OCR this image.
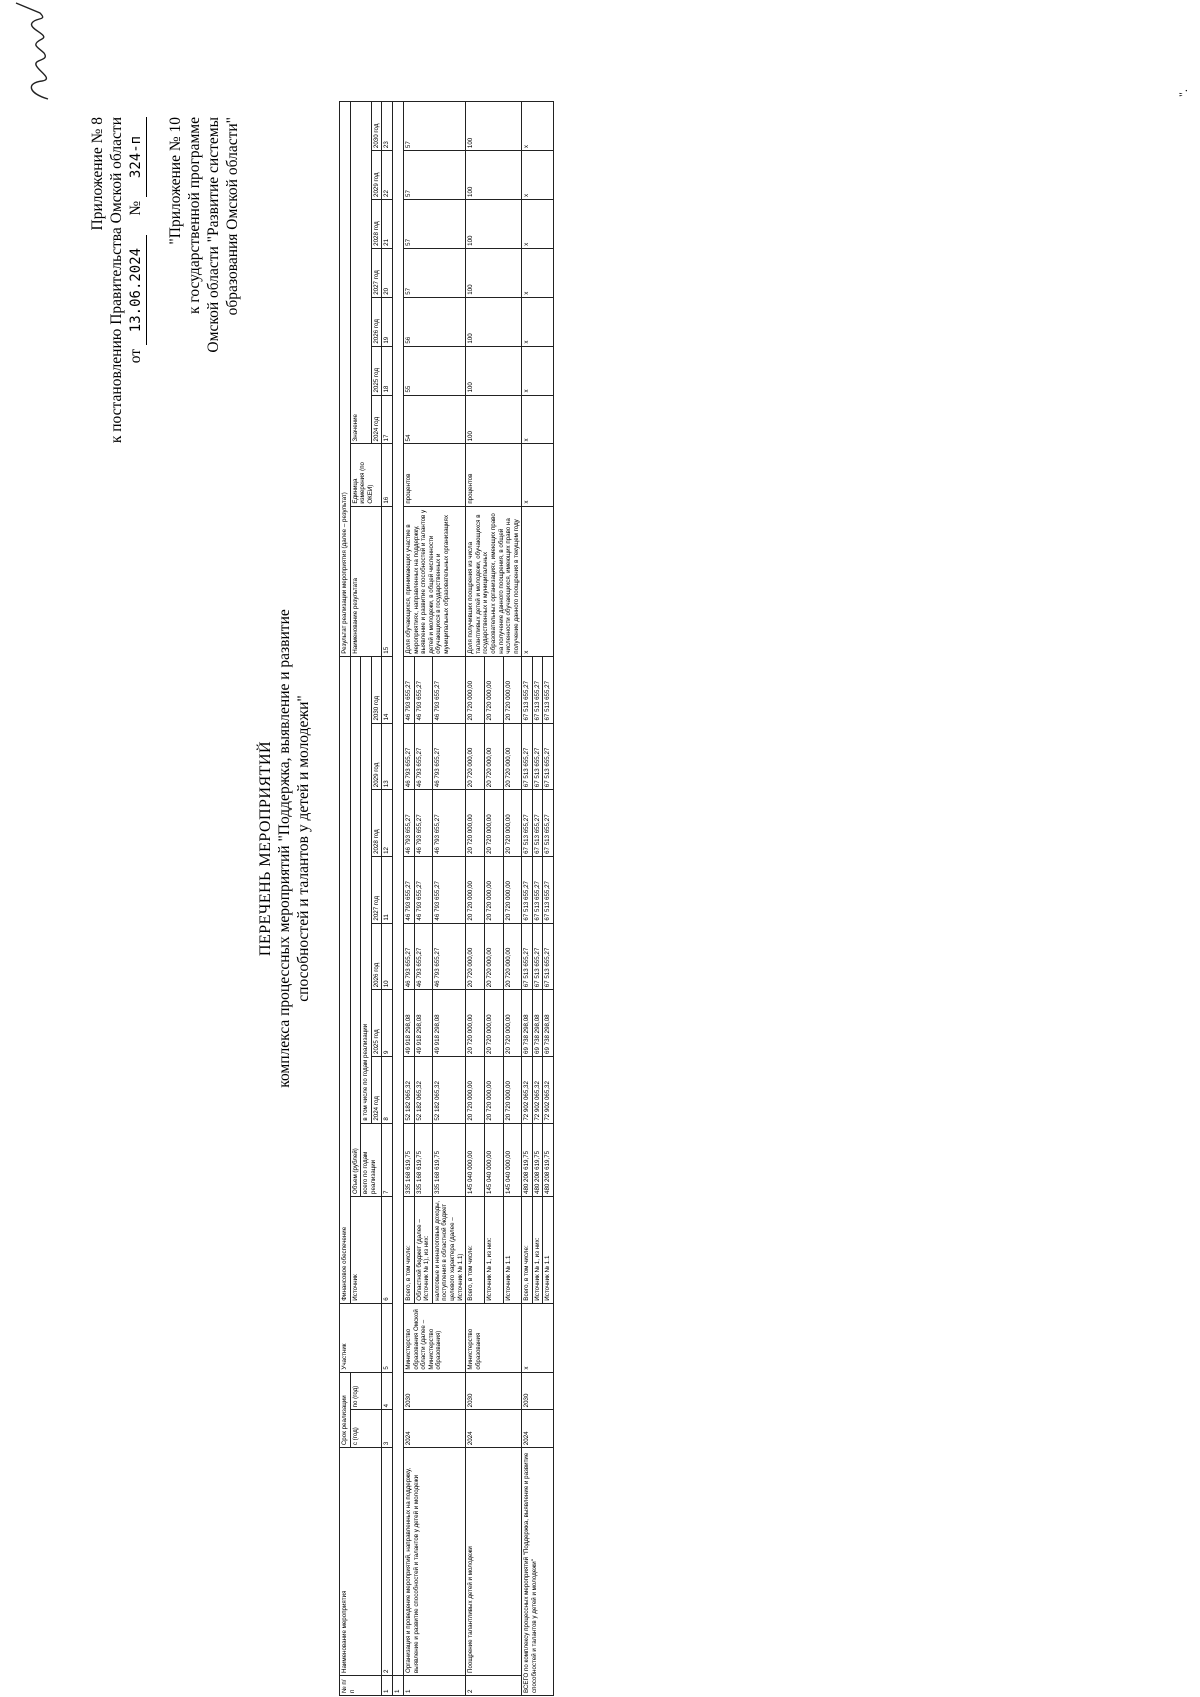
Приложение № 8 к постановлению Правительства Омской области от 13.06.2024     № 324-п "Приложение № 10 к государственной программе Омской области "Развитие системы образования Омской области"
ПЕРЕЧЕНЬ МЕРОПРИЯТИЙ комплекса процессных мероприятий "Поддержка, выявление и развитие способностей и талантов у детей и молодежи"
№ п/п	Наименование мероприятия	Срок реализации		Участник	Финансовое обеспечение									Результат реализации мероприятия (далее – результат)								
		с (год)	по (год)		Источник	Объем (рублей)								Наименование результата	Единица измерения (по ОКЕИ)	Значение						
						всего по годам реализации	в том числе по годам реализации															
							2024 год	2025 год	2026 год	2027 год	2028 год	2029 год	2030 год			2024 год	2025 год	2026 год	2027 год	2028 год	2029 год	2030 год
1	2	3	4	5	6	7	8	9	10	11	12	13	14	15	16	17	18	19	20	21	22	23
1																						
1	Организация и проведение мероприятий, направленных на поддержку, выявление и развитие способностей и талантов у детей и молодежи	2024	2030	Министерство образования Омской области (далее – Министерство образования)	Всего, в том числе:	335 168 619,75	52 182 065,32	49 918 298,08	46 793 655,27	46 793 655,27	46 793 655,27	46 793 655,27	46 793 655,27	Доля обучающихся, принимающих участие в мероприятиях, направленных на поддержку, выявление и развитие способностей и талантов у детей и молодежи, в общей численности обучающихся в государственных и муниципальных образовательных организациях	процентов	54	55	56	57	57	57	57
					Областной бюджет (далее – Источник № 1), из них:	335 168 619,75	52 182 065,32	49 918 298,08	46 793 655,27	46 793 655,27	46 793 655,27	46 793 655,27	46 793 655,27									
					налоговые и неналоговые доходы, поступления в областной бюджет целевого характера (далее – Источник № 1.1)	335 168 619,75	52 182 065,32	49 918 298,08	46 793 655,27	46 793 655,27	46 793 655,27	46 793 655,27	46 793 655,27									
2	Поощрение талантливых детей и молодежи	2024	2030	Министерство образования	Всего, в том числе:	145 040 000,00	20 720 000,00	20 720 000,00	20 720 000,00	20 720 000,00	20 720 000,00	20 720 000,00	20 720 000,00	Доля получивших поощрения из числа талантливых детей и молодежи, обучающихся в государственных и муниципальных образовательных организациях, имеющих право на получение данного поощрения, в общей численности обучающихся, имеющих право на получение данного поощрения в текущем году	процентов	100	100	100	100	100	100	100
					Источник № 1, из них:	145 040 000,00	20 720 000,00	20 720 000,00	20 720 000,00	20 720 000,00	20 720 000,00	20 720 000,00	20 720 000,00									
					Источник № 1.1	145 040 000,00	20 720 000,00	20 720 000,00	20 720 000,00	20 720 000,00	20 720 000,00	20 720 000,00	20 720 000,00									
ВСЕГО по комплексу процессных мероприятий "Поддержка, выявление и развитие способностей и талантов у детей и молодежи"		2024	2030	х	Всего, в том числе:	480 208 619,75	72 902 065,32	69 738 298,08	67 513 655,27	67 513 655,27	67 513 655,27	67 513 655,27	67 513 655,27	х	х	х	х	х	х	х	х	х
					Источник № 1, из них:	480 208 619,75	72 902 065,32	69 738 298,08	67 513 655,27	67 513 655,27	67 513 655,27	67 513 655,27	67 513 655,27									
					Источник № 1.1	480 208 619,75	72 902 065,32	69 738 298,08	67 513 655,27	67 513 655,27	67 513 655,27	67 513 655,27	67 513 655,27									
".
